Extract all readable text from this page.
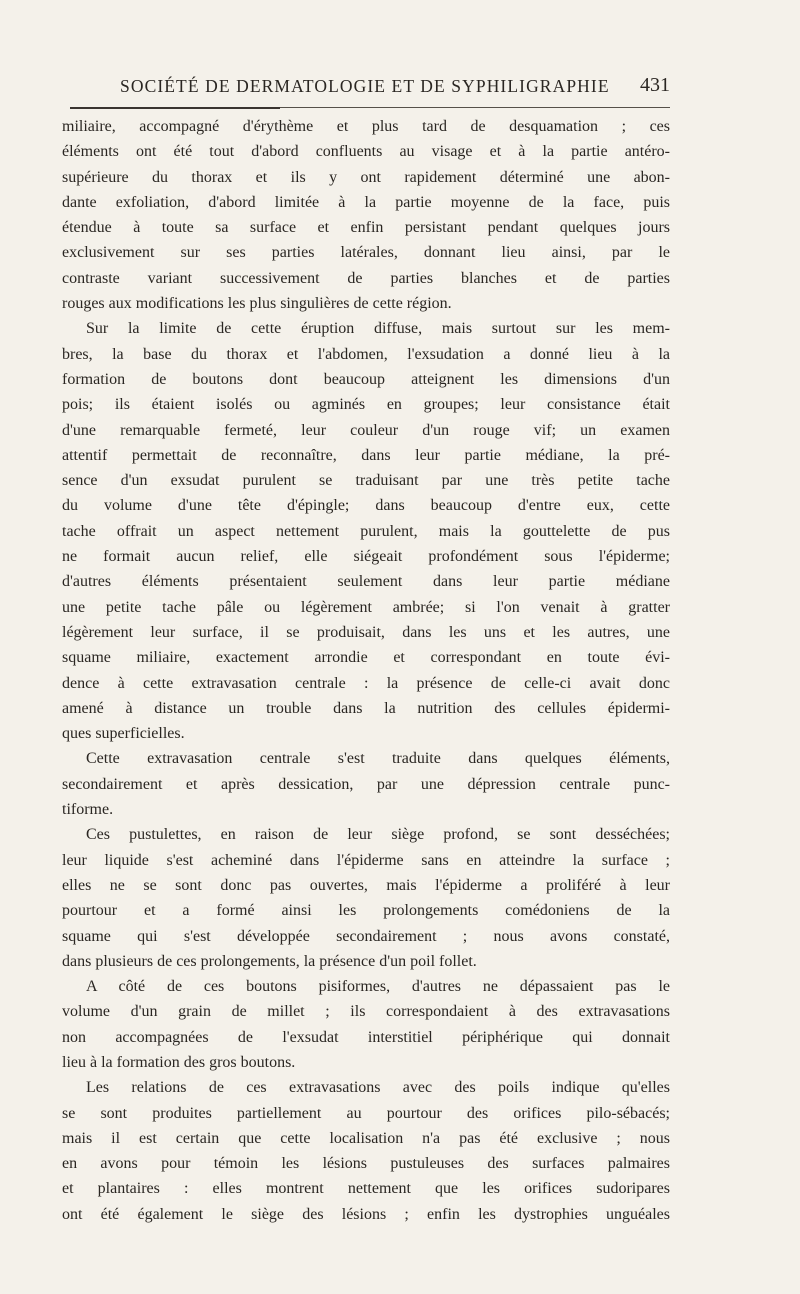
SOCIÉTÉ DE DERMATOLOGIE ET DE SYPHILIGRAPHIE 431
miliaire, accompagné d'érythème et plus tard de desquamation ; ces
éléments ont été tout d'abord confluents au visage et à la partie antéro-
supérieure du thorax et ils y ont rapidement déterminé une abon-
dante exfoliation, d'abord limitée à la partie moyenne de la face, puis
étendue à toute sa surface et enfin persistant pendant quelques jours
exclusivement sur ses parties latérales, donnant lieu ainsi, par le
contraste variant successivement de parties blanches et de parties
rouges aux modifications les plus singulières de cette région.
Sur la limite de cette éruption diffuse, mais surtout sur les mem-
bres, la base du thorax et l'abdomen, l'exsudation a donné lieu à la
formation de boutons dont beaucoup atteignent les dimensions d'un
pois; ils étaient isolés ou agminés en groupes; leur consistance était
d'une remarquable fermeté, leur couleur d'un rouge vif; un examen
attentif permettait de reconnaître, dans leur partie médiane, la pré-
sence d'un exsudat purulent se traduisant par une très petite tache
du volume d'une tête d'épingle; dans beaucoup d'entre eux, cette
tache offrait un aspect nettement purulent, mais la gouttelette de pus
ne formait aucun relief, elle siégeait profondément sous l'épiderme;
d'autres éléments présentaient seulement dans leur partie médiane
une petite tache pâle ou légèrement ambrée; si l'on venait à gratter
légèrement leur surface, il se produisait, dans les uns et les autres, une
squame miliaire, exactement arrondie et correspondant en toute évi-
dence à cette extravasation centrale : la présence de celle-ci avait donc
amené à distance un trouble dans la nutrition des cellules épidermi-
ques superficielles.
Cette extravasation centrale s'est traduite dans quelques éléments,
secondairement et après dessication, par une dépression centrale punc-
tiforme.
Ces pustulettes, en raison de leur siège profond, se sont desséchées;
leur liquide s'est acheminé dans l'épiderme sans en atteindre la surface ;
elles ne se sont donc pas ouvertes, mais l'épiderme a proliféré à leur
pourtour et a formé ainsi les prolongements comédoniens de la
squame qui s'est développée secondairement ; nous avons constaté,
dans plusieurs de ces prolongements, la présence d'un poil follet.
A côté de ces boutons pisiformes, d'autres ne dépassaient pas le
volume d'un grain de millet ; ils correspondaient à des extravasations
non accompagnées de l'exsudat interstitiel périphérique qui donnait
lieu à la formation des gros boutons.
Les relations de ces extravasations avec des poils indique qu'elles
se sont produites partiellement au pourtour des orifices pilo-sébacés;
mais il est certain que cette localisation n'a pas été exclusive ; nous
en avons pour témoin les lésions pustuleuses des surfaces palmaires
et plantaires : elles montrent nettement que les orifices sudoripares
ont été également le siège des lésions ; enfin les dystrophies unguéales
